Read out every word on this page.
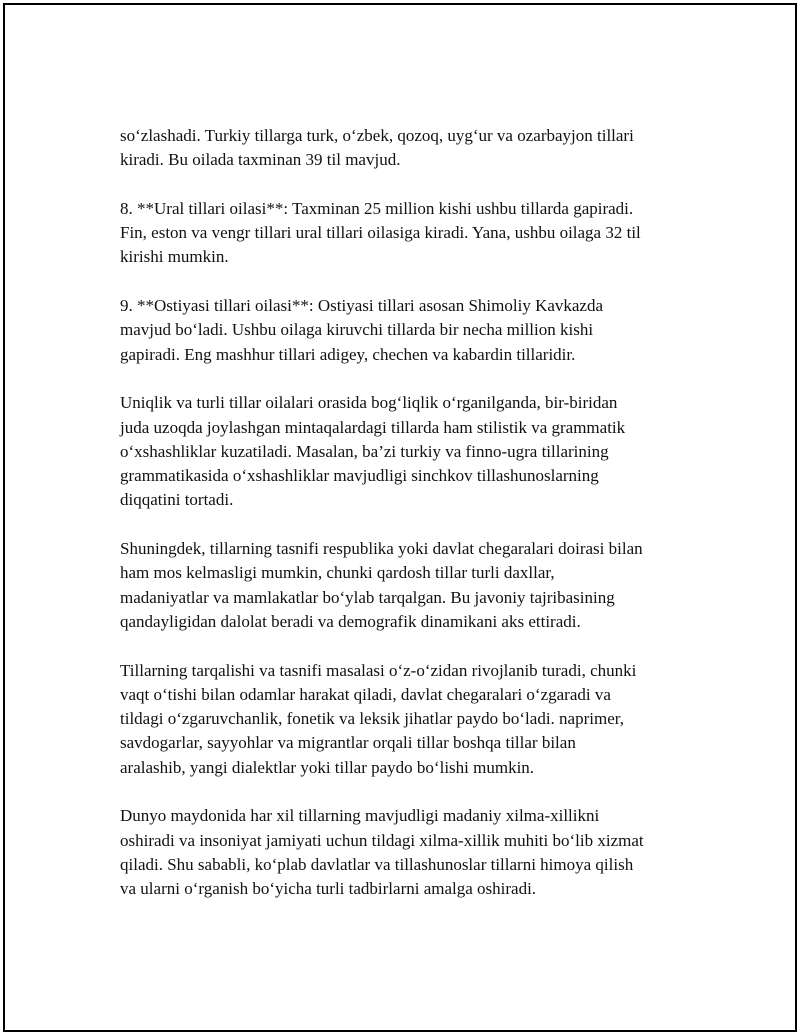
so‘zlashadi. Turkiy tillarga turk, o‘zbek, qozoq, uyg‘ur va ozarbayjon tillari
kiradi. Bu oilada taxminan 39 til mavjud.

8. **Ural tillari oilasi**: Taxminan 25 million kishi ushbu tillarda gapiradi.
Fin, eston va vengr tillari ural tillari oilasiga kiradi. Yana, ushbu oilaga 32 til
kirishi mumkin.

9. **Ostiyasi tillari oilasi**: Ostiyasi tillari asosan Shimoliy Kavkazda
mavjud bo‘ladi. Ushbu oilaga kiruvchi tillarda bir necha million kishi
gapiradi. Eng mashhur tillari adigey, chechen va kabardin tillaridir.

Uniqlik va turli tillar oilalari orasida bog‘liqlik o‘rganilganda, bir-biridan
juda uzoqda joylashgan mintaqalardagi tillarda ham stilistik va grammatik
o‘xshashliklar kuzatiladi. Masalan, ba’zi turkiy va finno-ugra tillarining
grammatikasida o‘xshashliklar mavjudligi sinchkov tillashunoslarning
diqqatini tortadi.

Shuningdek, tillarning tasnifi respublika yoki davlat chegaralari doirasi bilan
ham mos kelmasligi mumkin, chunki qardosh tillar turli daxllar,
madaniyatlar va mamlakatlar bo‘ylab tarqalgan. Bu javoniy tajribasining
qandayligidan dalolat beradi va demografik dinamikani aks ettiradi.

Tillarning tarqalishi va tasnifi masalasi o‘z-o‘zidan rivojlanib turadi, chunki
vaqt o‘tishi bilan odamlar harakat qiladi, davlat chegaralari o‘zgaradi va
tildagi o‘zgaruvchanlik, fonetik va leksik jihatlar paydo bo‘ladi. naprimer,
savdogarlar, sayyohlar va migrantlar orqali tillar boshqa tillar bilan
aralashib, yangi dialektlar yoki tillar paydo bo‘lishi mumkin.

Dunyo maydonida har xil tillarning mavjudligi madaniy xilma-xillikni
oshiradi va insoniyat jamiyati uchun tildagi xilma-xillik muhiti bo‘lib xizmat
qiladi. Shu sababli, ko‘plab davlatlar va tillashunoslar tillarni himoya qilish
va ularni o‘rganish bo‘yicha turli tadbirlarni amalga oshiradi.
